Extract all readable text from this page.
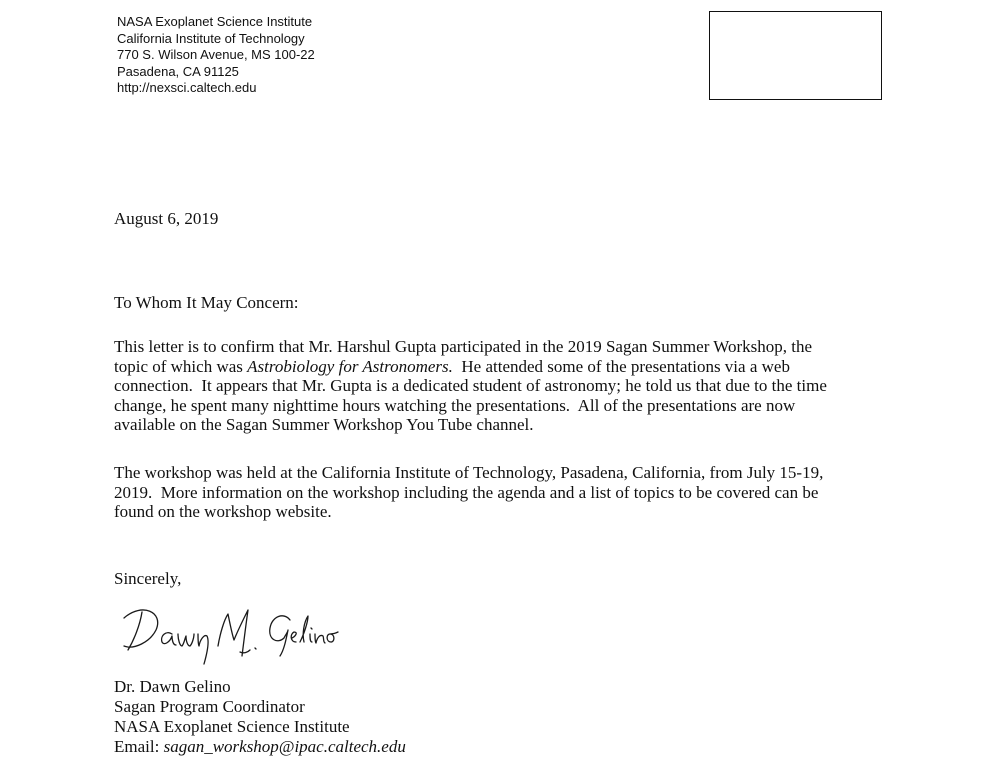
NASA Exoplanet Science Institute
California Institute of Technology
770 S. Wilson Avenue, MS 100-22
Pasadena, CA 91125
http://nexsci.caltech.edu
August 6, 2019
To Whom It May Concern:
This letter is to confirm that Mr. Harshul Gupta participated in the 2019 Sagan Summer Workshop, the
topic of which was Astrobiology for Astronomers.  He attended some of the presentations via a web
connection.  It appears that Mr. Gupta is a dedicated student of astronomy; he told us that due to the time
change, he spent many nighttime hours watching the presentations.  All of the presentations are now
available on the Sagan Summer Workshop You Tube channel.
The workshop was held at the California Institute of Technology, Pasadena, California, from July 15-19,
2019.  More information on the workshop including the agenda and a list of topics to be covered can be
found on the workshop website.
Sincerely,
Dr. Dawn Gelino
Sagan Program Coordinator
NASA Exoplanet Science Institute
Email: sagan_workshop@ipac.caltech.edu
